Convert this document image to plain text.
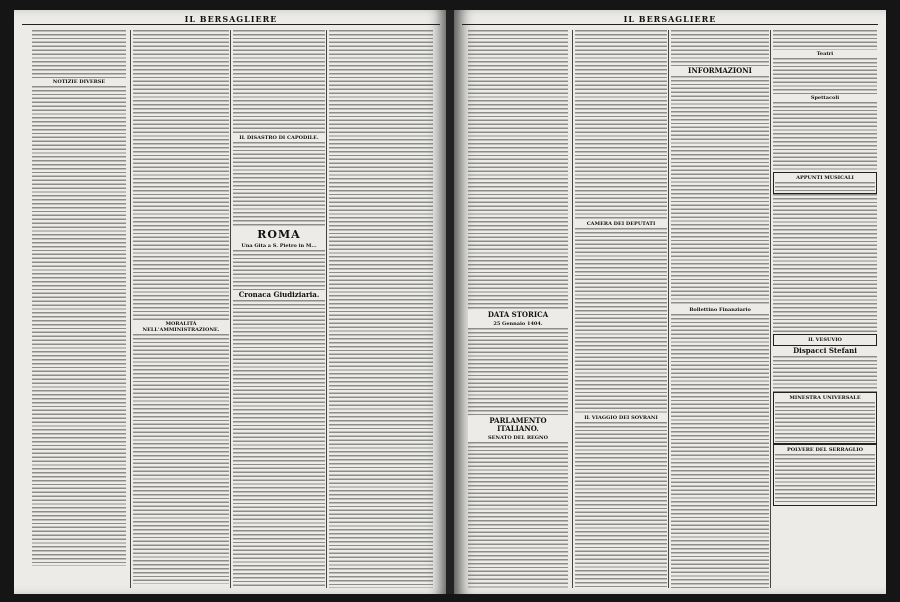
IL BERSAGLIERE
NOTIZIE DIVERSE
MORALITÀ NELL'AMMINISTRAZIONE.
IL DISASTRO DI CAPODILE.
ROMA
Una Gita a S. Pietro in M...
Cronaca Giudiziaria.
IL BERSAGLIERE
DATA STORICA
25 Gennaio 1404.
PARLAMENTO ITALIANO.
SENATO DEL REGNO
CAMERA DEI DEPUTATI
IL VIAGGIO DEI SOVRANI
INFORMAZIONI
Bollettino Finanziario
Teatri
Spettacoli
APPUNTI MUSICALI
IL VESUVIO
Dispacci Stefani
MINESTRA UNIVERSALE
POLVERE DEL SERRAGLIO
